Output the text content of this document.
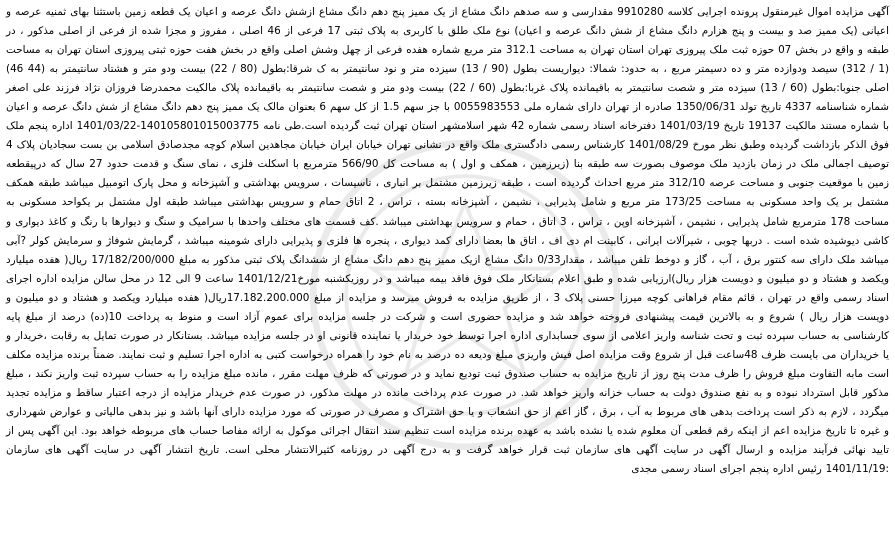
آگهی مزایده اموال غیرمنقول پرونده اجرایی کلاسه 9910280 مقدارسی و سه صدهم دانگ مشاع از یک ممیز پنج دهم دانگ مشاع ازشش دانگ عرصه و اعیان یک قطعه زمین باستثنا بهای ثمنیه عرصه و اعیانی (یک ممیز صد و بیست و پنج هزارم دانگ مشاع از شش دانگ عرصه و اعیان) نوع ملک طلق با کاربری به پلاک ثبتی 17 فرعی از 46 اصلی ، مفروز و مجزا شده از فرعی از اصلی مذکور ، در طبقه و واقع در بخش 07 حوزه ثبت ملک پیروزی تهران استان تهران به مساحت 312.1 متر مربع شماره هفده فرعی از چهل وشش اصلی واقع در بخش هفت حوزه ثبتی پیروزی استان تهران به مساحت (1 / 312) سیصد ودوازده متر و ده دسیمتر مربع ، به حدود: شمالا: دیواریست بطول (90 / 13) سیزده متر و نود سانتیمتر به ک شرقا:بطول (80 / 22) بیست ودو متر و هشتاد سانتیمتر به (44 46) اصلی جنوبا:بطول (60 / 13) سیزده متر و شصت سانتیمتر به باقیمانده پلاک غربا:بطول (60 / 22) بیست ودو متر و شصت سانتیمتر به باقیمانده پلاک مالکیت محمدرضا فروزان نژاد فرزند علی اصغر شماره شناسنامه 4337 تاریخ تولد 1350/06/31 صادره از تهران دارای شماره ملی 0055983553 با جز سهم 1.5 از کل سهم 6 بعنوان مالک یک ممیز پنج دهم دانگ مشاع از شش دانگ عرصه و اعیان با شماره مستند مالکیت 19137 تاریخ 1401/03/19 دفترخانه اسناد رسمی شماره 42 شهر اسلامشهر استان تهران ثبت گردیده است.طی نامه 140105801015003775-1401/03/22 اداره پنجم ملک فوق الذکر بازداشت گردیده وطبق نظر مورخ 1401/08/29 کارشناس رسمی دادگستری ملک واقع در نشانی تهران خیابان ایران خیابان مجاهدین اسلام کوچه مجدصادق اسلامی بن بست سجادیان پلاک 4 توصیف اجمالی ملک در زمان بازدید ملک موصوف بصورت سه طبقه بنا (زیرزمین ، همکف و اول ) به مساحت کل 566/90 مترمربع با اسکلت فلزی ، نمای سنگ و قدمت حدود 27 سال که درپیقطعه زمین با موقعیت جنوبی و مساحت عرصه 312/10 متر مربع احداث گردیده است ، طبقه زیرزمین مشتمل بر انباری ، تاسیسات ، سرویس بهداشتی و آشپزخانه و محل پارک اتومبیل میباشد طبقه همکف مشتمل بر یک واحد مسکونی به مساحت 173/25 متر مربع و شامل پذیرایی ، نشیمن ، آشپزخانه بسته ، تراس ، 2 اتاق حمام و سرویس بهداشتی میباشد طبقه اول مشتمل بر یکواحد مسکونی به مساحت 178 مترمربع شامل پذیرایی ، نشیمن ، آشپزخانه اوپن ، تراس ، 3 اتاق ، حمام و سرویس بهداشتی میباشد .کف قسمت های مختلف واحدها با سرامیک و سنگ و دیوارها با رنگ و کاغذ دیواری و کاشی دیوشیده شده است . دربها چوبی ، شیرآلات ایرانی ، کابینت ام دی اف ، اتاق ها بعضا دارای کمد دیواری ، پنجره ها فلزی و پذیرایی دارای شومینه میباشد ، گرمایش شوفاژ و سرمایش کولر ?آبی میباشد ملک دارای سه کنتور برق ، آب ، گاز و دوخط تلفن میباشد ، مقدار0/33 دانگ مشاع ازیک ممیز پنج دهم دانگ مشاع از ششدانگ پلاک ثبتی مذکور به مبلغ 17/182/200/000 ریال( هفده میلیارد ویکصد و هشتاد و دو میلیون و دویست هزار ریال)ارزیابی شده و طبق اعلام بستانکار ملک فوق فاقد بیمه میباشد و در روزیکشنبه مورخ1401/12/21 ساعت 9 الی 12 در محل سالن مزایده اداره اجرای اسناد رسمی واقع در تهران ، قائم مقام فراهانی کوچه میرزا حسنی پلاک 3 ، از طریق مزایده به فروش میرسد و مزایده از مبلغ 17.182.200.000ریال( هفده میلیارد ویکصد و هشتاد و دو میلیون و دویست هزار ریال ) شروع و به بالاترین قیمت پیشنهادی فروخته خواهد شد و مزایده حضوری است و شرکت در جلسه مزایده برای عموم آزاد است و منوط به پرداخت 10(ده) درصد از مبلغ پایه کارشناسی به حساب سپرده ثبت و تحت شناسه واریز اعلامی از سوی حسابداری اداره اجرا توسط خود خریدار یا نماینده قانونی او در جلسه مزایده میباشد. بستانکار در صورت تمایل به رقابت ،خریدار و یا خریداران می بایست ظرف 48ساعت قبل از شروع وقت مزایده اصل فیش واریزی مبلغ ودیعه ده درصد به نام خود را همراه درخواست کتبی به اداره اجرا تسلیم و ثبت نمایند. ضمناً برنده مزایده مکلف است مابه التفاوت مبلغ فروش را ظرف مدت پنج روز از تاریخ مزایده به حساب صندوق ثبت تودیع نماید و در صورتی که ظرف مهلت مقرر ، مانده مبلغ مزایده را به حساب سپرده ثبت واریز نکند ، مبلغ مذکور قابل استرداد نبوده و به نفع صندوق دولت به حساب خزانه واریز خواهد شد. در صورت عدم پرداخت مانده در مهلت مذکور، در صورت عدم خریدار مزایده از درجه اعتبار ساقط و مزایده تجدید میگردد ، لازم به ذکر است پرداخت بدهی های مربوط به آب ، برق ، گاز اعم از حق انشعاب و یا حق اشتراک و مصرف در صورتی که مورد مزایده دارای آنها باشد و نیز بدهی مالیاتی و عوارض شهرداری و غیره تا تاریخ مزایده اعم از اینکه رقم قطعی آن معلوم شده یا نشده باشد به عهده برنده مزایده است تنظیم سند انتقال اجرائی موکول به ارائه مفاصا حساب های مربوطه خواهد بود. این آگهی پس از تایید نهائی فرآیند مزایده و ارسال آگهی در سایت آگهی های سازمان ثبت قرار خواهد گرفت و به درج آگهی در روزنامه کثیرالانتشار محلی است. تاریخ انتشار آگهی در سایت آگهی های سازمان :1401/11/19 رئیس اداره پنجم اجرای اسناد رسمی مجدی
